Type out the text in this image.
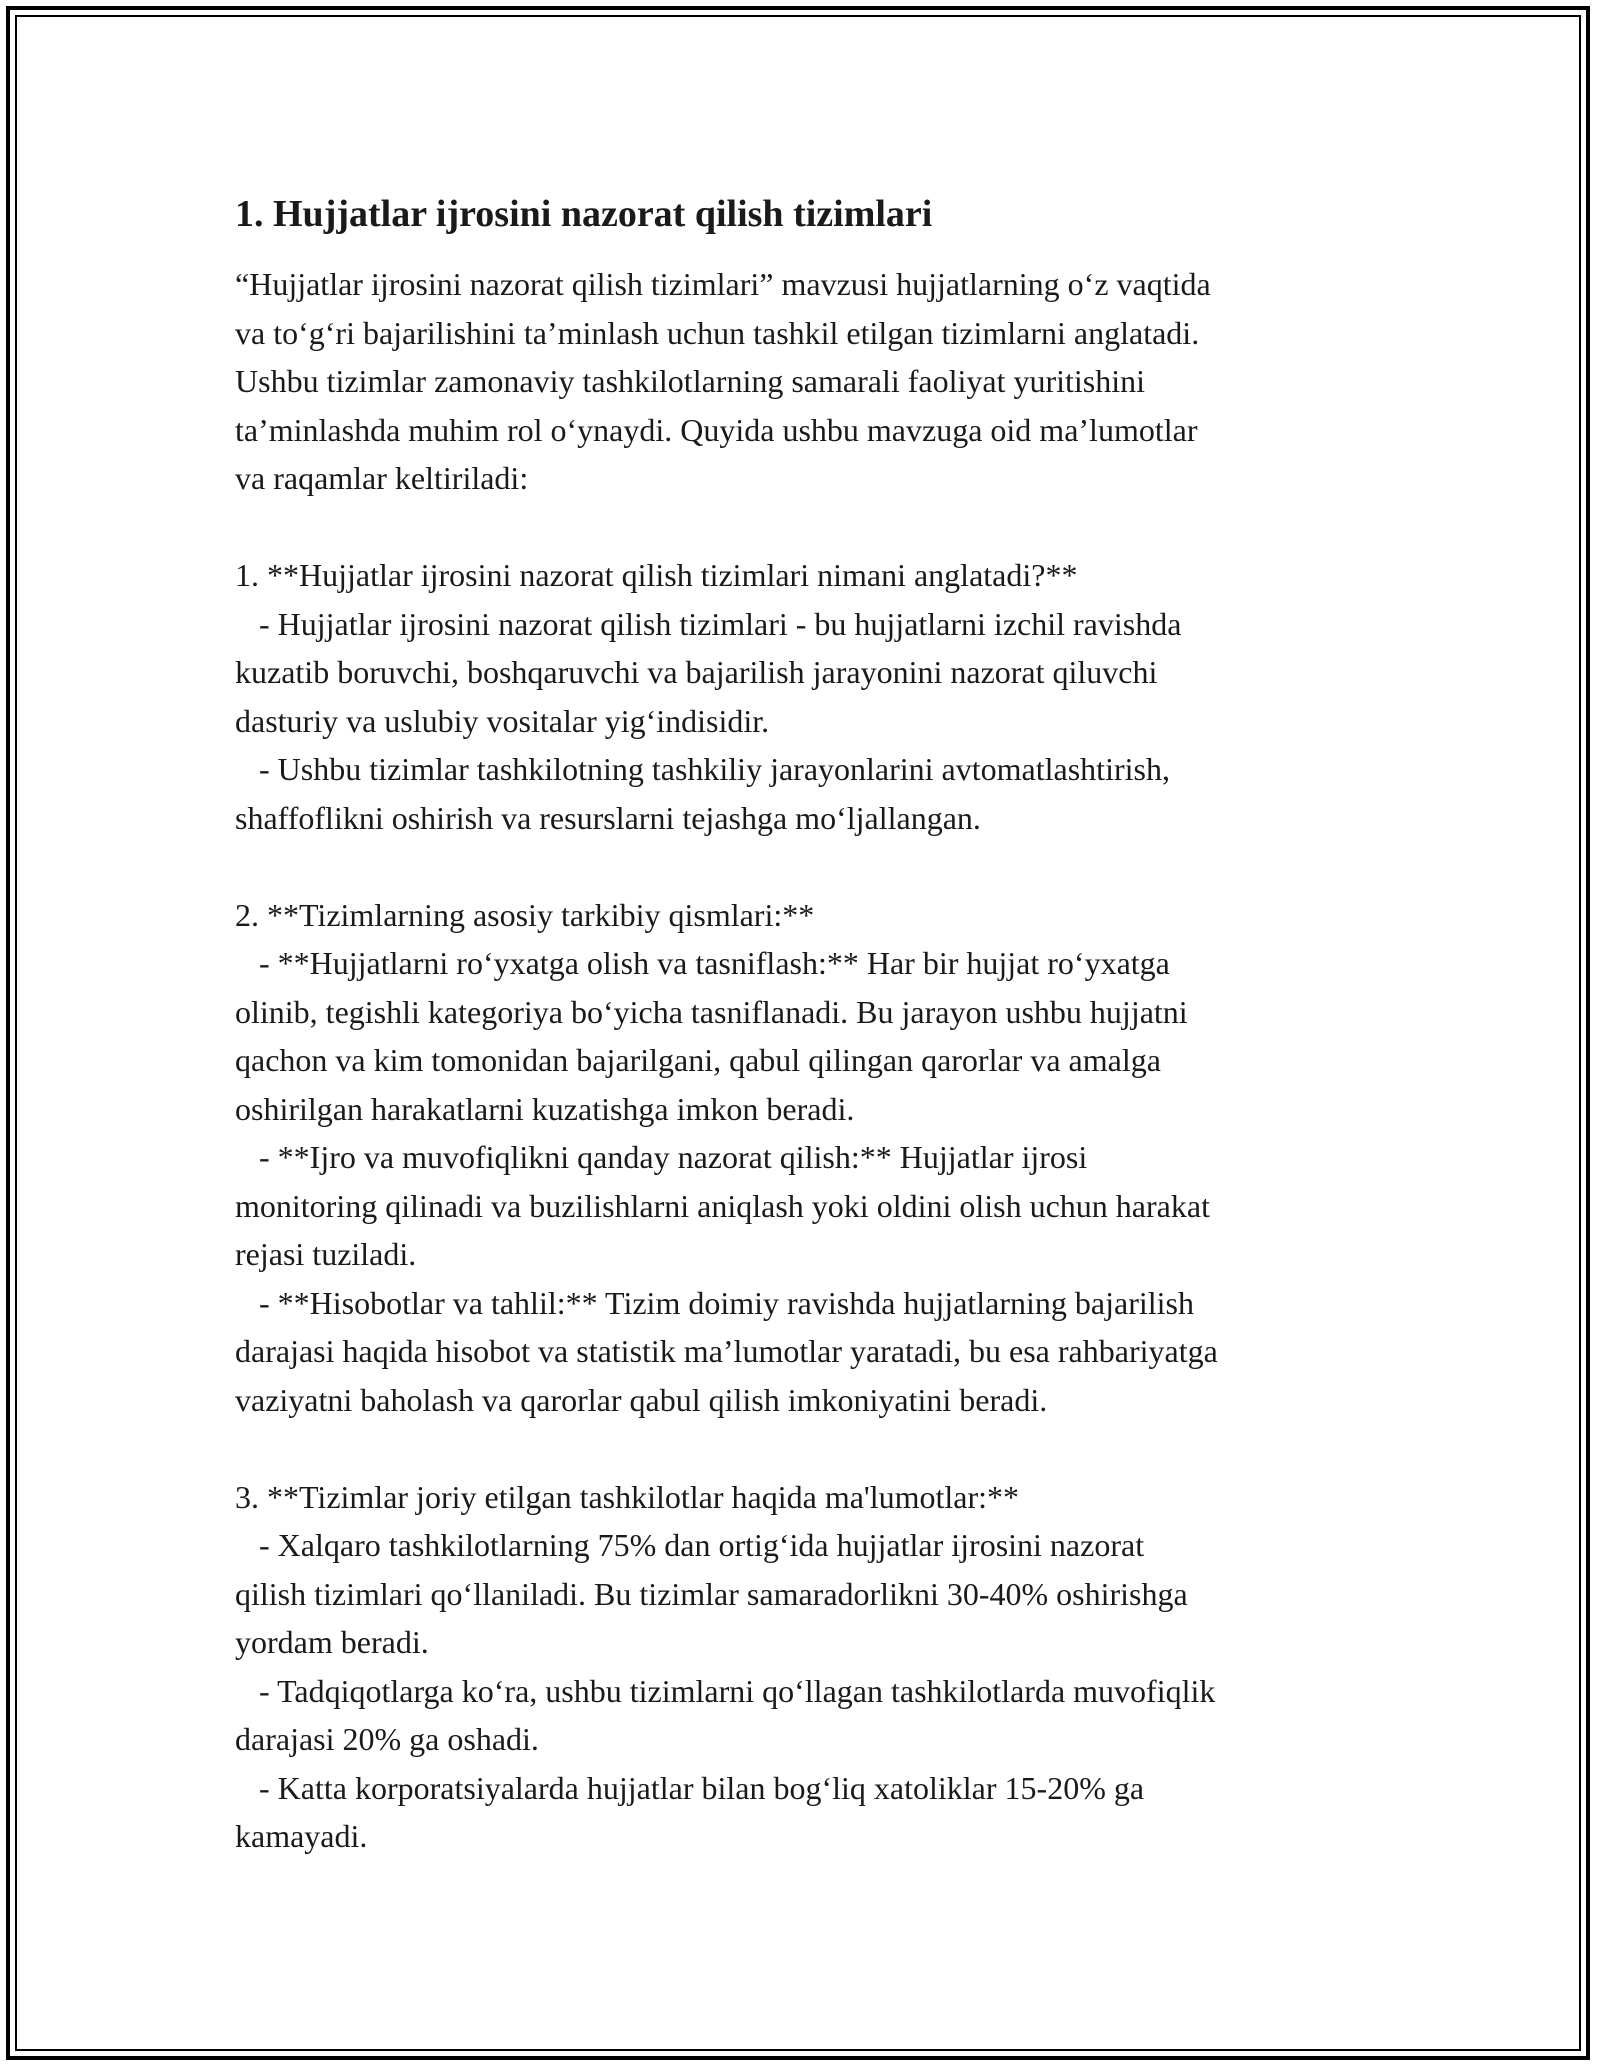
1. Hujjatlar ijrosini nazorat qilish tizimlari
“Hujjatlar ijrosini nazorat qilish tizimlari” mavzusi hujjatlarning o‘z vaqtida
va to‘g‘ri bajarilishini ta’minlash uchun tashkil etilgan tizimlarni anglatadi.
Ushbu tizimlar zamonaviy tashkilotlarning samarali faoliyat yuritishini
ta’minlashda muhim rol o‘ynaydi. Quyida ushbu mavzuga oid ma’lumotlar
va raqamlar keltiriladi:
1. **Hujjatlar ijrosini nazorat qilish tizimlari nimani anglatadi?**
- Hujjatlar ijrosini nazorat qilish tizimlari - bu hujjatlarni izchil ravishda
kuzatib boruvchi, boshqaruvchi va bajarilish jarayonini nazorat qiluvchi
dasturiy va uslubiy vositalar yig‘indisidir.
- Ushbu tizimlar tashkilotning tashkiliy jarayonlarini avtomatlashtirish,
shaffoflikni oshirish va resurslarni tejashga mo‘ljallangan.
2. **Tizimlarning asosiy tarkibiy qismlari:**
- **Hujjatlarni ro‘yxatga olish va tasniflash:** Har bir hujjat ro‘yxatga
olinib, tegishli kategoriya bo‘yicha tasniflanadi. Bu jarayon ushbu hujjatni
qachon va kim tomonidan bajarilgani, qabul qilingan qarorlar va amalga
oshirilgan harakatlarni kuzatishga imkon beradi.
- **Ijro va muvofiqlikni qanday nazorat qilish:** Hujjatlar ijrosi
monitoring qilinadi va buzilishlarni aniqlash yoki oldini olish uchun harakat
rejasi tuziladi.
- **Hisobotlar va tahlil:** Tizim doimiy ravishda hujjatlarning bajarilish
darajasi haqida hisobot va statistik ma’lumotlar yaratadi, bu esa rahbariyatga
vaziyatni baholash va qarorlar qabul qilish imkoniyatini beradi.
3. **Tizimlar joriy etilgan tashkilotlar haqida ma'lumotlar:**
- Xalqaro tashkilotlarning 75% dan ortig‘ida hujjatlar ijrosini nazorat
qilish tizimlari qo‘llaniladi. Bu tizimlar samaradorlikni 30-40% oshirishga
yordam beradi.
- Tadqiqotlarga ko‘ra, ushbu tizimlarni qo‘llagan tashkilotlarda muvofiqlik
darajasi 20% ga oshadi.
- Katta korporatsiyalarda hujjatlar bilan bog‘liq xatoliklar 15-20% ga
kamayadi.
